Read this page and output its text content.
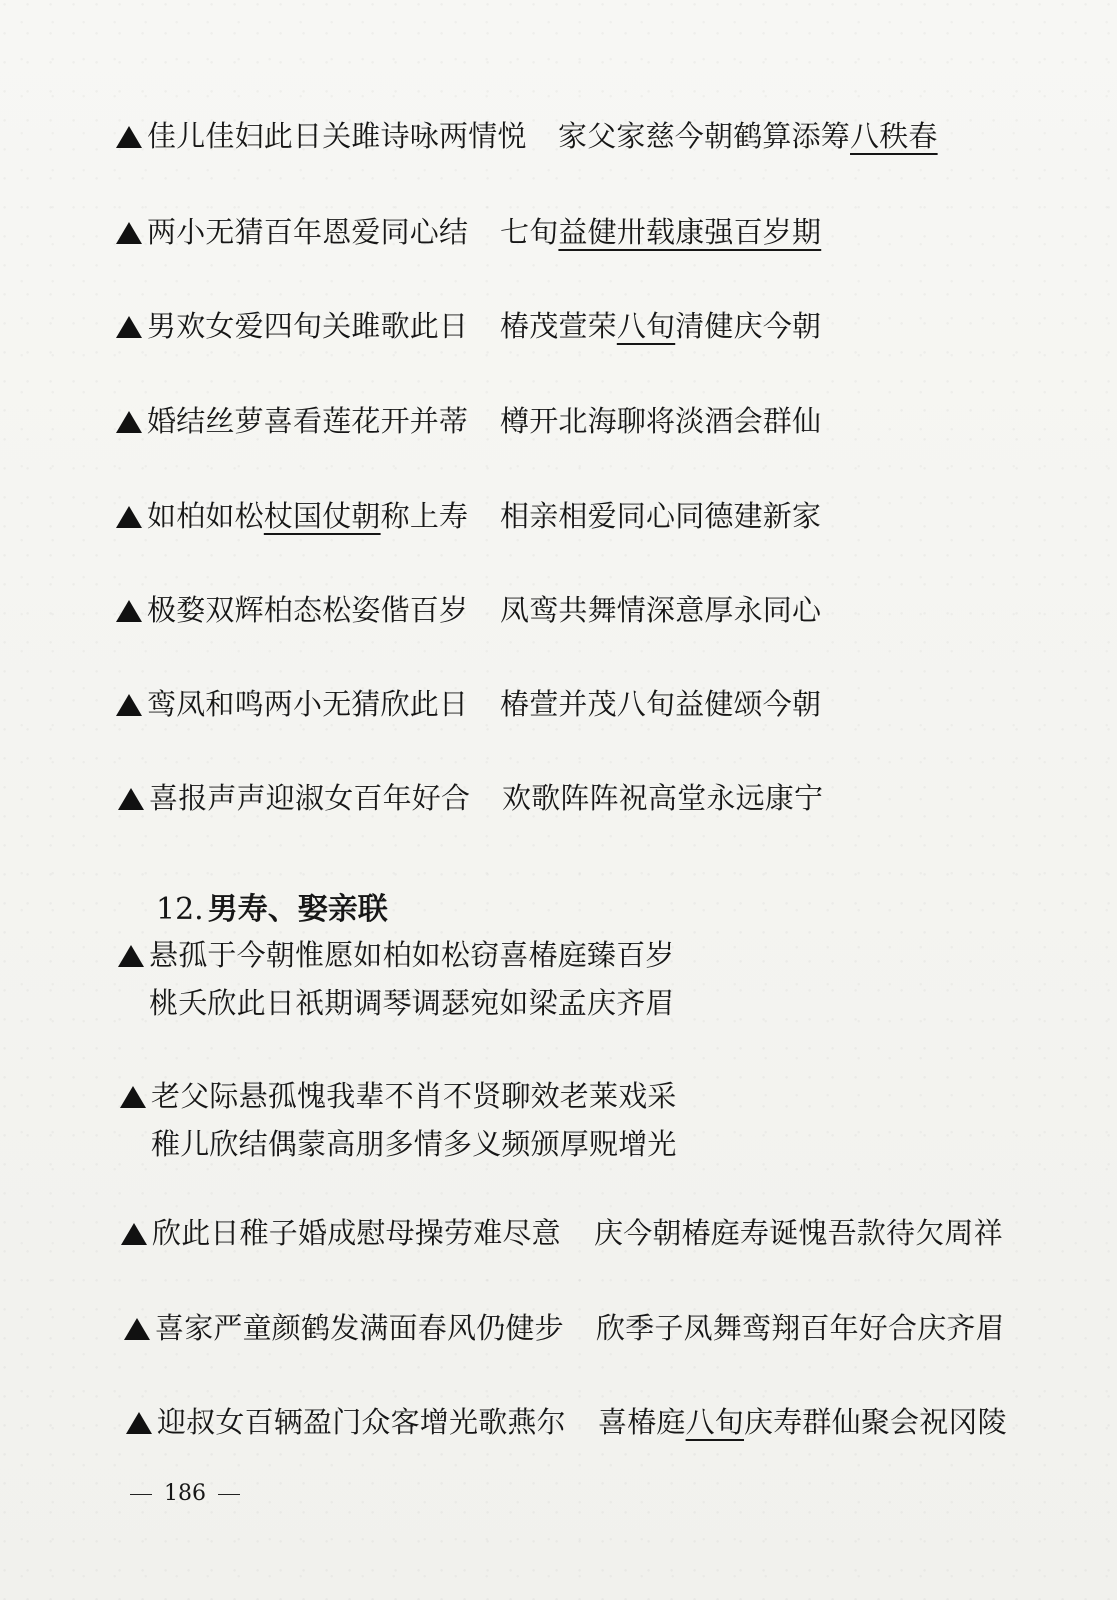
佳儿佳妇此日关雎诗咏两情悦 家父家慈今朝鹤算添筹八秩春
两小无猜百年恩爱同心结 七旬益健卅载康强百岁期
男欢女爱四旬关雎歌此日 椿茂萱荣八旬清健庆今朝
婚结丝萝喜看莲花开并蒂 樽开北海聊将淡酒会群仙
如柏如松杖国仗朝称上寿 相亲相爱同心同德建新家
极婺双辉柏态松姿偕百岁 凤鸾共舞情深意厚永同心
鸾凤和鸣两小无猜欣此日 椿萱并茂八旬益健颂今朝
喜报声声迎淑女百年好合 欢歌阵阵祝高堂永远康宁
12. 男寿、娶亲联
悬孤于今朝惟愿如柏如松窃喜椿庭臻百岁
桃夭欣此日祇期调琴调瑟宛如梁孟庆齐眉
老父际悬孤愧我辈不肖不贤聊效老莱戏采
稚儿欣结偶蒙高朋多情多义频颁厚贶增光
欣此日稚子婚成慰母操劳难尽意 庆今朝椿庭寿诞愧吾款待欠周祥
喜家严童颜鹤发满面春风仍健步 欣季子凤舞鸾翔百年好合庆齐眉
迎叔女百辆盈门众客增光歌燕尔 喜椿庭八旬庆寿群仙聚会祝冈陵
186
